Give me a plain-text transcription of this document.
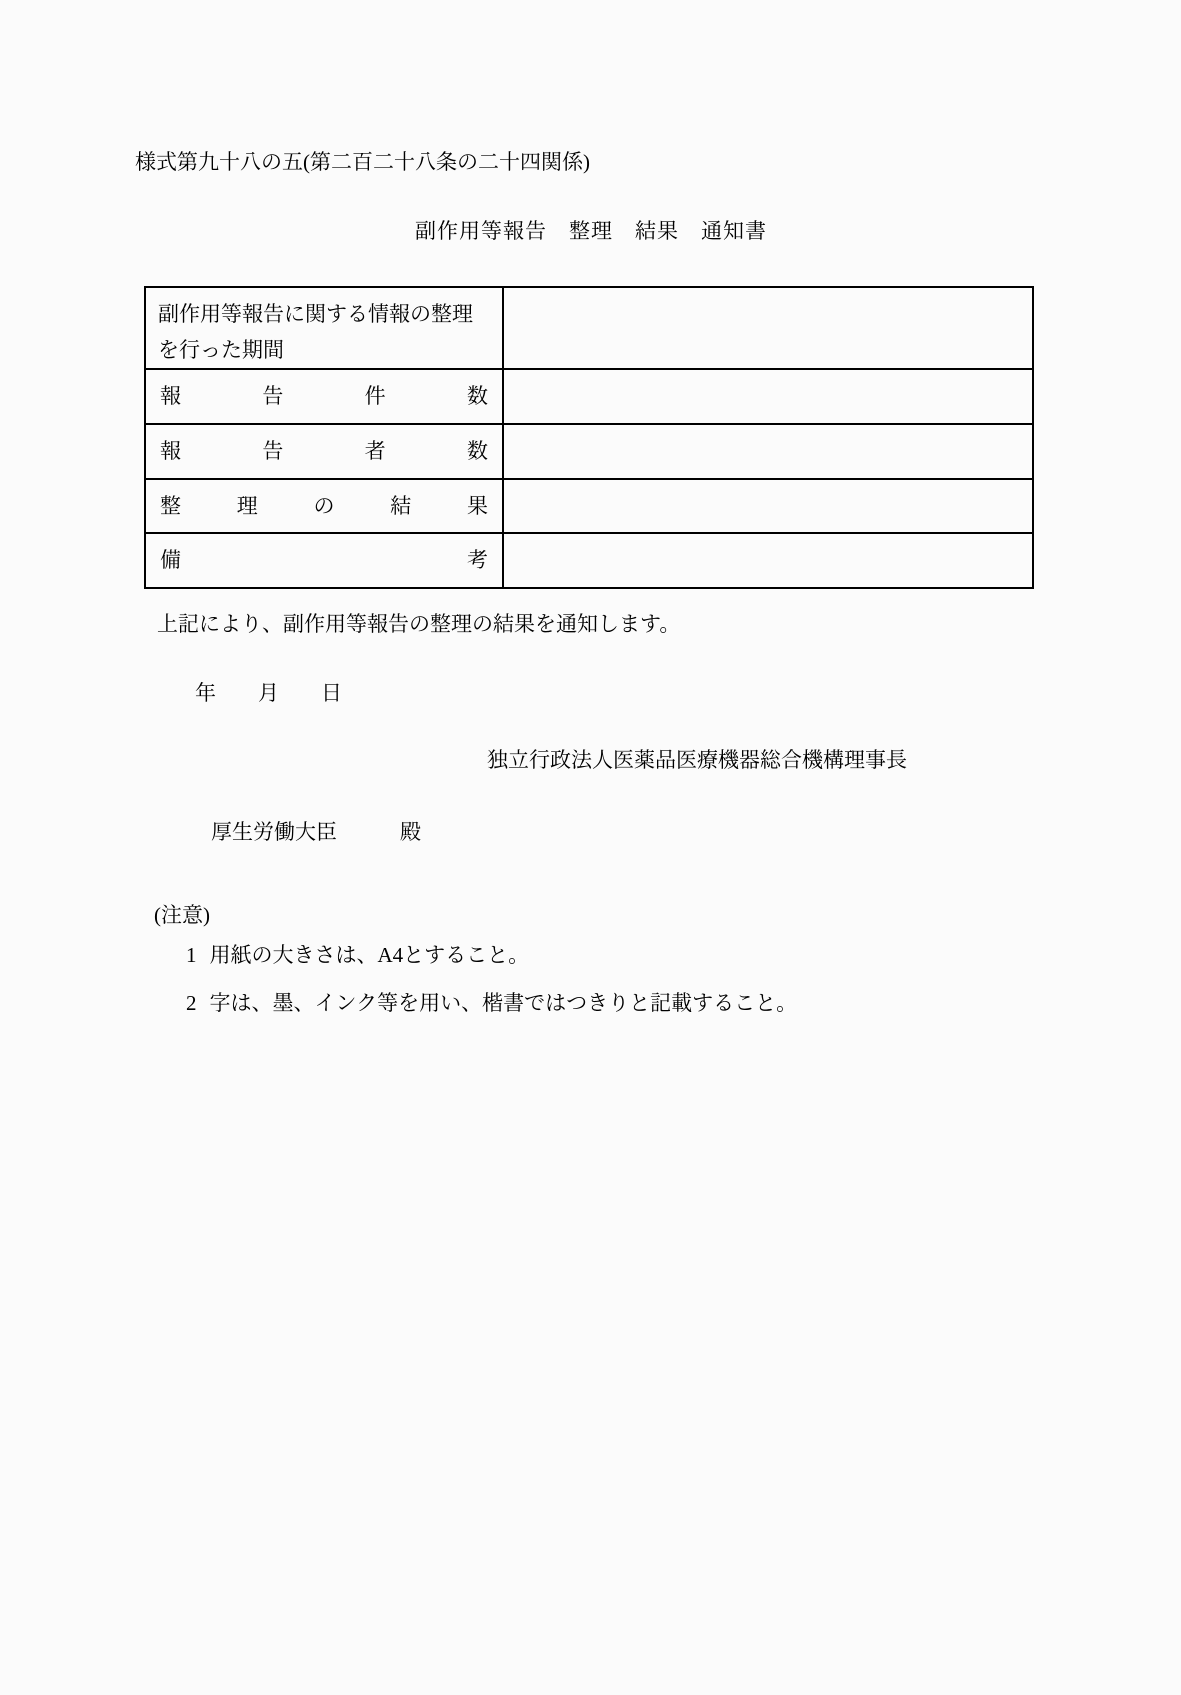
様式第九十八の五(第二百二十八条の二十四関係)
副作用等報告　整理　結果　通知書
副作用等報告に関する情報の整理
を行った期間
報	告	件	数
報	告	者	数
整	理	の	結	果
備	考
上記により、副作用等報告の整理の結果を通知します。
年　　月　　日
独立行政法人医薬品医療機器総合機構理事長
厚生労働大臣　　　殿
(注意)
1 用紙の大きさは、A4とすること。
2 字は、墨、インク等を用い、楷書ではつきりと記載すること。
